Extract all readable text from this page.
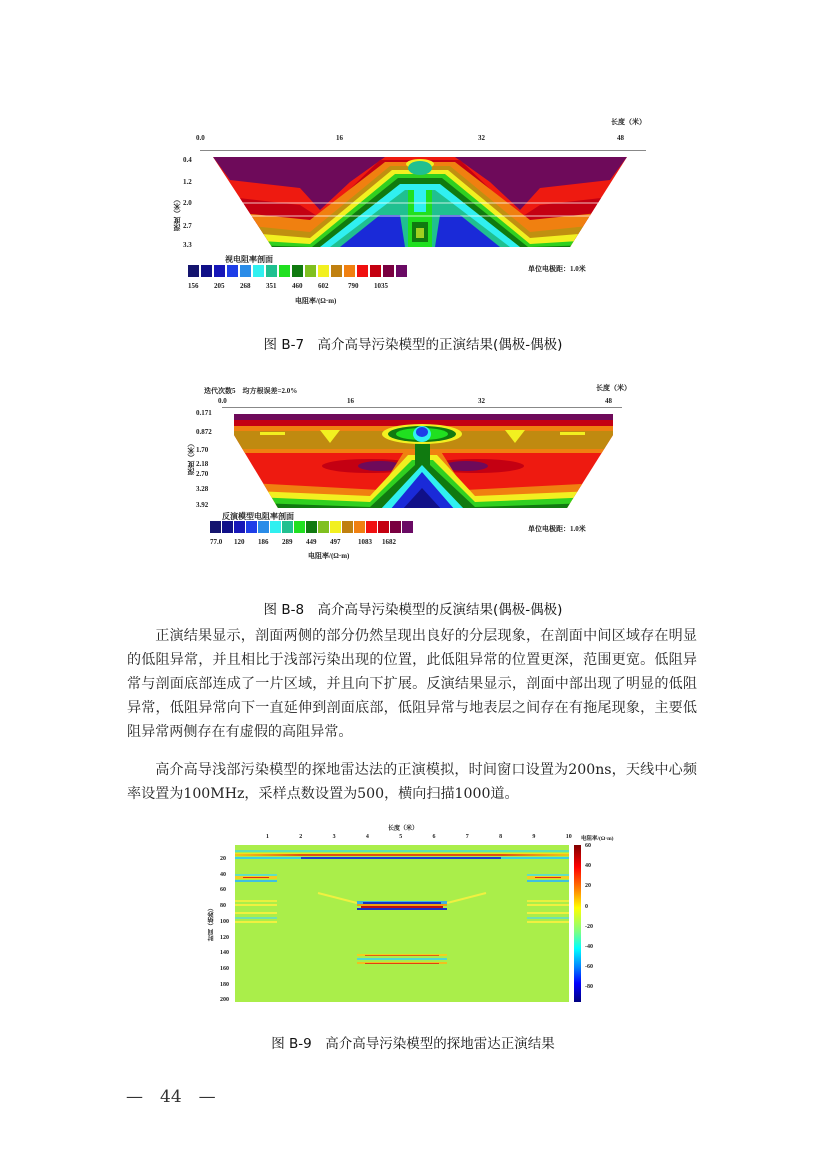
长度（米）
0.0	16	32	48
0.4
1.2
2.0
2.7
3.3
深度（米）
视电阻率剖面
156 205 268 351 460 602	790 1035
电阻率/(Ω·m)
单位电极距：1.0米
图 B-7　高介高导污染模型的正演结果(偶极-偶极)
迭代次数5　均方根误差=2.0%	长度（米）
0.0	16	32	48
0.171
0.872
1.70
2.18
2.70
3.28
3.92
深度（米）
反演模型电阻率剖面
77.0 120 186 289 449 497	1083 1682
电阻率/(Ω·m)
单位电极距：1.0米
图 B-8　高介高导污染模型的反演结果(偶极-偶极)
正演结果显示，剖面两侧的部分仍然呈现出良好的分层现象，在剖面中间区域存在明显的低阻异常，并且相比于浅部污染出现的位置，此低阻异常的位置更深，范围更宽。低阻异常与剖面底部连成了一片区域，并且向下扩展。反演结果显示，剖面中部出现了明显的低阻异常，低阻异常向下一直延伸到剖面底部，低阻异常与地表层之间存在有拖尾现象，主要低阻异常两侧存在有虚假的高阻异常。
高介高导浅部污染模型的探地雷达法的正演模拟，时间窗口设置为200ns，天线中心频率设置为100MHz，采样点数设置为500，横向扫描1000道。
长度（米）
1	2	3	4	5	6	7	8	9	10
20
40
60
80
100
120
140
160
180
200
时间（纳秒）
电阻率/(Ω·m)
60
40
20
0
-20
-40
-60
-80
图 B-9　高介高导污染模型的探地雷达正演结果
—　44　—
